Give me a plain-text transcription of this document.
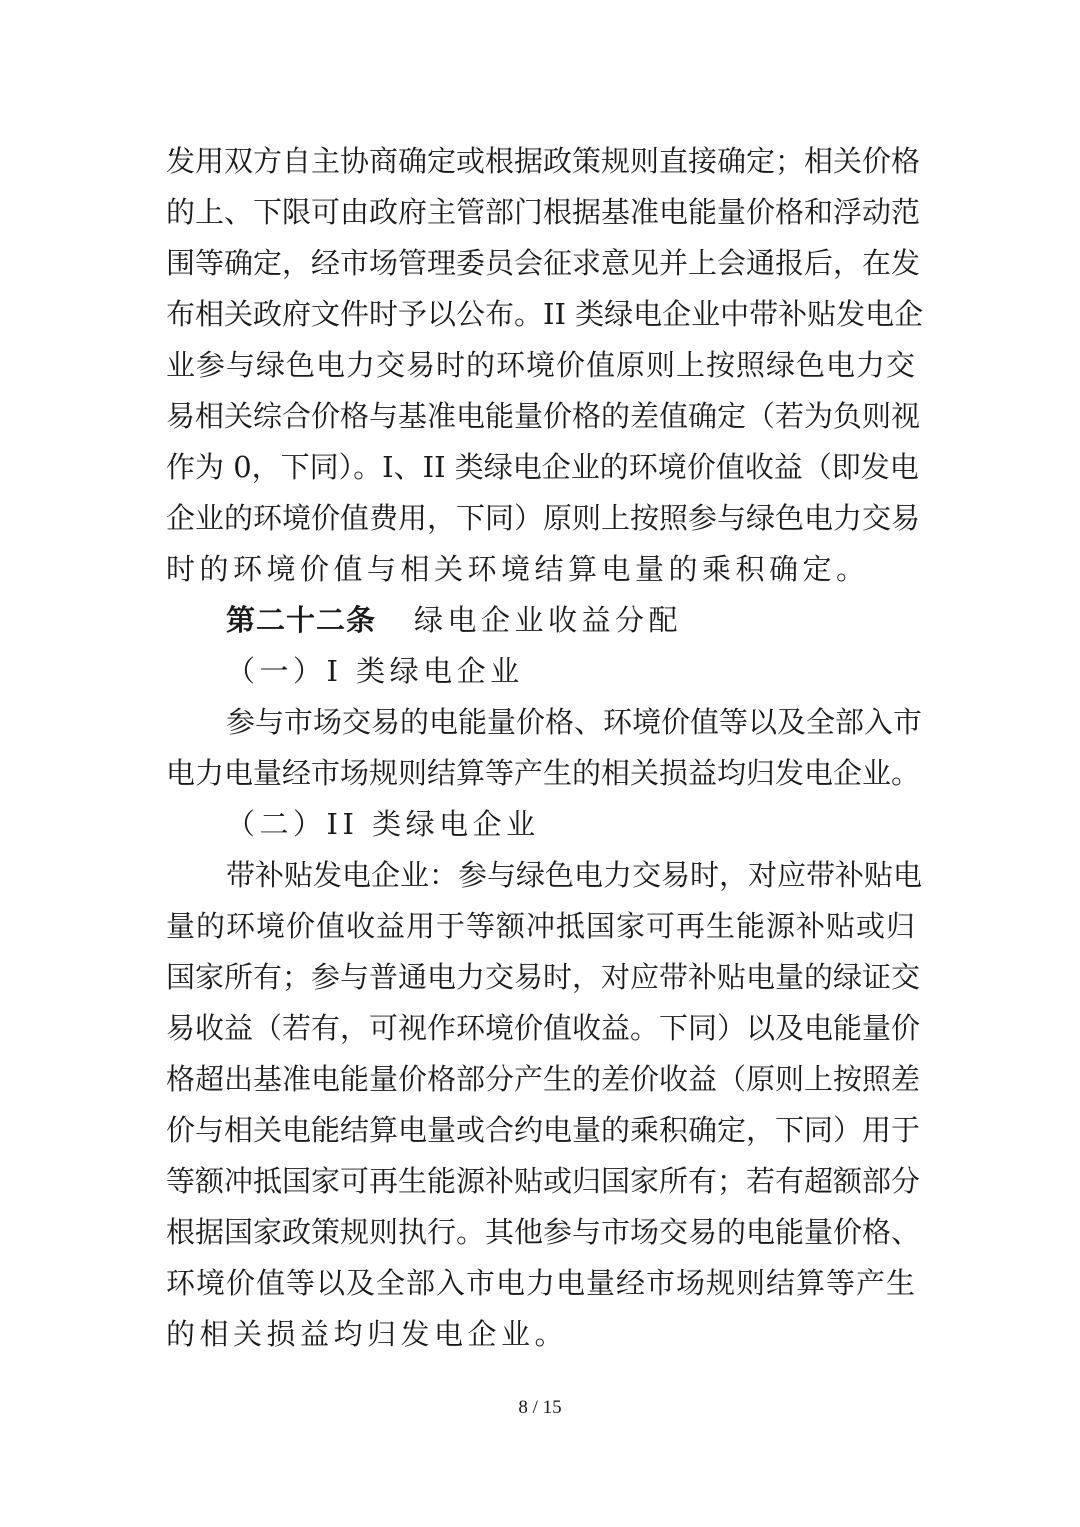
发用双方自主协商确定或根据政策规则直接确定；相关价格
的上、下限可由政府主管部门根据基准电能量价格和浮动范
围等确定，经市场管理委员会征求意见并上会通报后，在发
布相关政府文件时予以公布。II 类绿电企业中带补贴发电企
业参与绿色电力交易时的环境价值原则上按照绿色电力交
易相关综合价格与基准电能量价格的差值确定（若为负则视
作为 0，下同）。I、II 类绿电企业的环境价值收益（即发电
企业的环境价值费用，下同）原则上按照参与绿色电力交易
时的环境价值与相关环境结算电量的乘积确定。
第二十二条 绿电企业收益分配
（一）I 类绿电企业
参与市场交易的电能量价格、环境价值等以及全部入市
电力电量经市场规则结算等产生的相关损益均归发电企业。
（二）II 类绿电企业
带补贴发电企业：参与绿色电力交易时，对应带补贴电
量的环境价值收益用于等额冲抵国家可再生能源补贴或归
国家所有；参与普通电力交易时，对应带补贴电量的绿证交
易收益（若有，可视作环境价值收益。下同）以及电能量价
格超出基准电能量价格部分产生的差价收益（原则上按照差
价与相关电能结算电量或合约电量的乘积确定，下同）用于
等额冲抵国家可再生能源补贴或归国家所有；若有超额部分
根据国家政策规则执行。其他参与市场交易的电能量价格、
环境价值等以及全部入市电力电量经市场规则结算等产生
的相关损益均归发电企业。
8 / 15
